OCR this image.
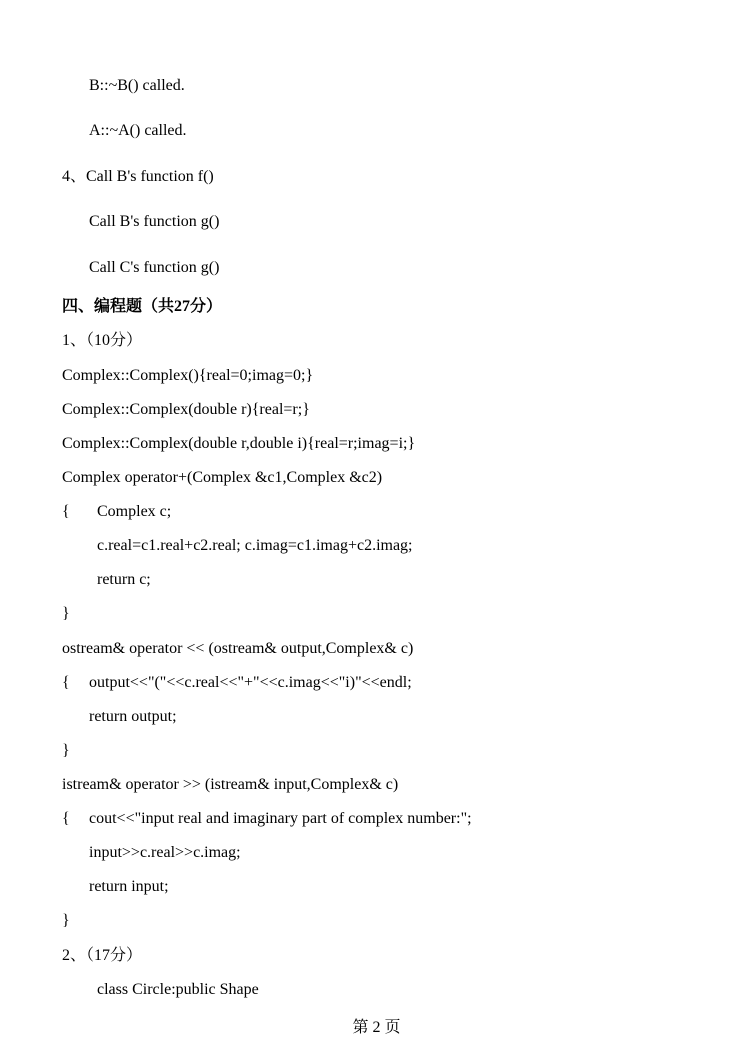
B::~B() called.
A::~A() called.
4、Call B's function f()
Call B's function g()
Call C's function g()
四、编程题（共27分）
1、（10分）
Complex::Complex(){real=0;imag=0;}
Complex::Complex(double r){real=r;}
Complex::Complex(double r,double i){real=r;imag=i;}
Complex operator+(Complex &c1,Complex &c2)
{ Complex c;
c.real=c1.real+c2.real; c.imag=c1.imag+c2.imag;
return c;
}
ostream& operator << (ostream& output,Complex& c)
{ output<<"("<<c.real<<"+"<<c.imag<<"i)"<<endl;
return output;
}
istream& operator >> (istream& input,Complex& c)
{ cout<<"input real and imaginary part of complex number:";
input>>c.real>>c.imag;
return input;
}
2、（17分）
class Circle:public Shape
第 2 页
